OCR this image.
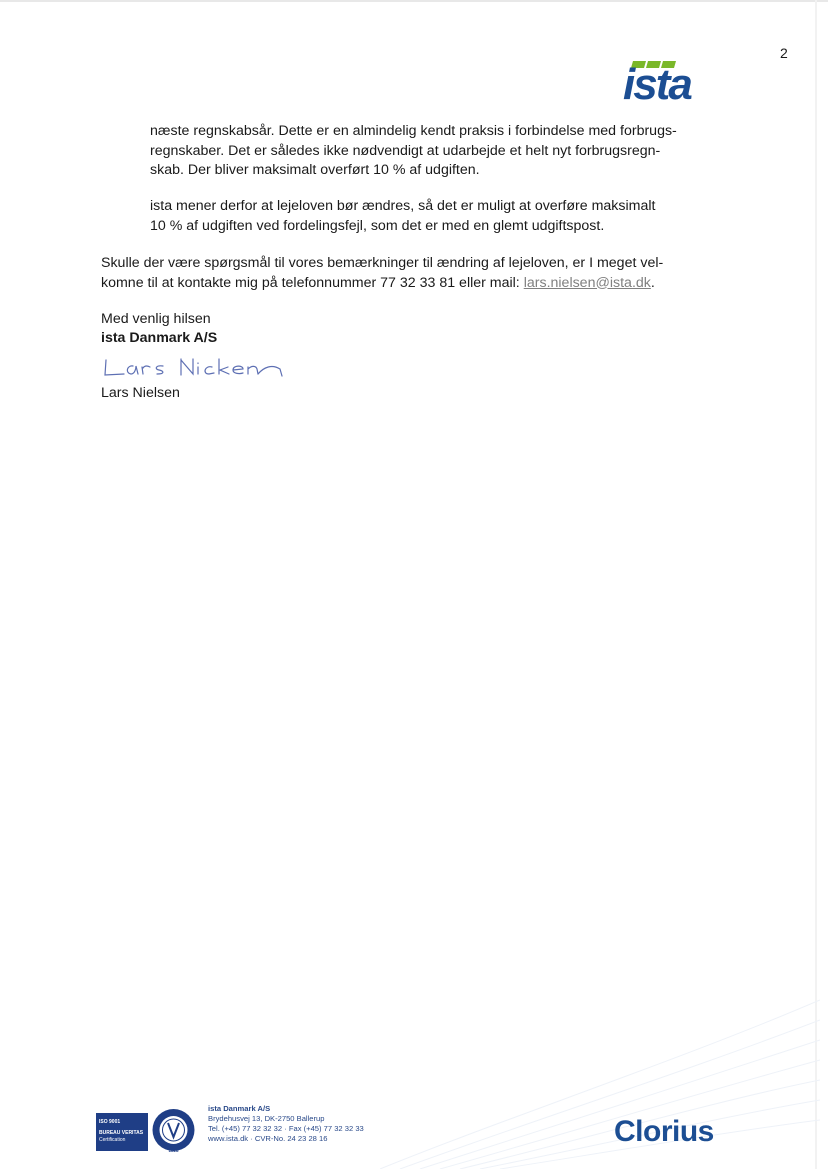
2
ista

næste regnskabsår. Dette er en almindelig kendt praksis i forbindelse med forbrugs-
regnskaber. Det er således ikke nødvendigt at udarbejde et helt nyt forbrugsregn-
skab. Der bliver maksimalt overført 10 % af udgiften.

ista mener derfor at lejeloven bør ændres, så det er muligt at overføre maksimalt
10 % af udgiften ved fordelingsfejl, som det er med en glemt udgiftspost.

Skulle der være spørgsmål til vores bemærkninger til ændring af lejeloven, er I meget vel-
komne til at kontakte mig på telefonnummer 77 32 33 81 eller mail: lars.nielsen@ista.dk.

Med venlig hilsen
ista Danmark A/S
Lars Nielsen
ISO 9001
BUREAU VERITAS
Certification
1828
ista Danmark A/S
Brydehusvej 13, DK-2750 Ballerup
Tel. (+45) 77 32 32 32 · Fax (+45) 77 32 32 33
www.ista.dk · CVR-No. 24 23 28 16	Clorius
